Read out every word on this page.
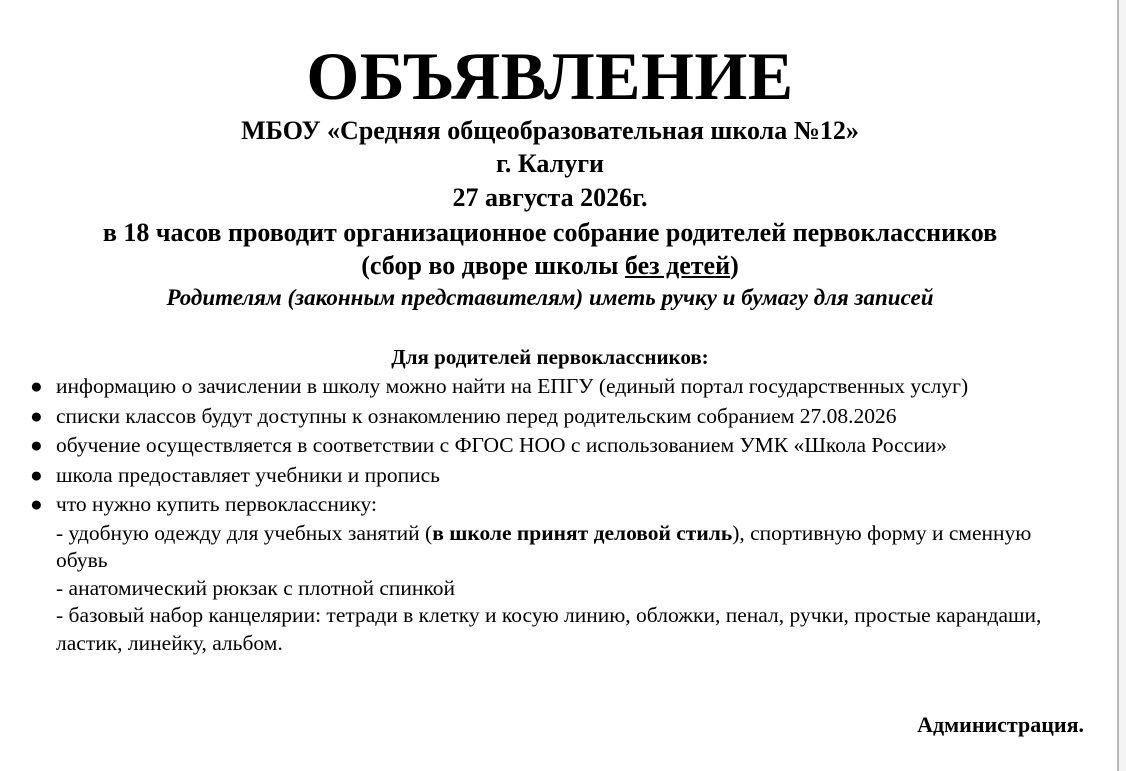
ОБЪЯВЛЕНИЕ
МБОУ «Средняя общеобразовательная школа №12»
г. Калуги
27 августа 2026г.
в 18 часов проводит организационное собрание родителей первоклассников
(сбор во дворе школы без детей)
Родителям (законным представителям) иметь ручку и бумагу для записей
Для родителей первоклассников:
● информацию о зачислении в школу можно найти на ЕПГУ (единый портал государственных услуг)
● списки классов будут доступны к ознакомлению перед родительским собранием 27.08.2026
● обучение осуществляется в соответствии с ФГОС НОО с использованием УМК «Школа России»
● школа предоставляет учебники и пропись
● что нужно купить первокласснику:
- удобную одежду для учебных занятий (в школе принят деловой стиль), спортивную форму и сменную обувь
- анатомический рюкзак с плотной спинкой
- базовый набор канцелярии: тетради в клетку и косую линию, обложки, пенал, ручки, простые карандаши, ластик, линейку, альбом.
Администрация.
